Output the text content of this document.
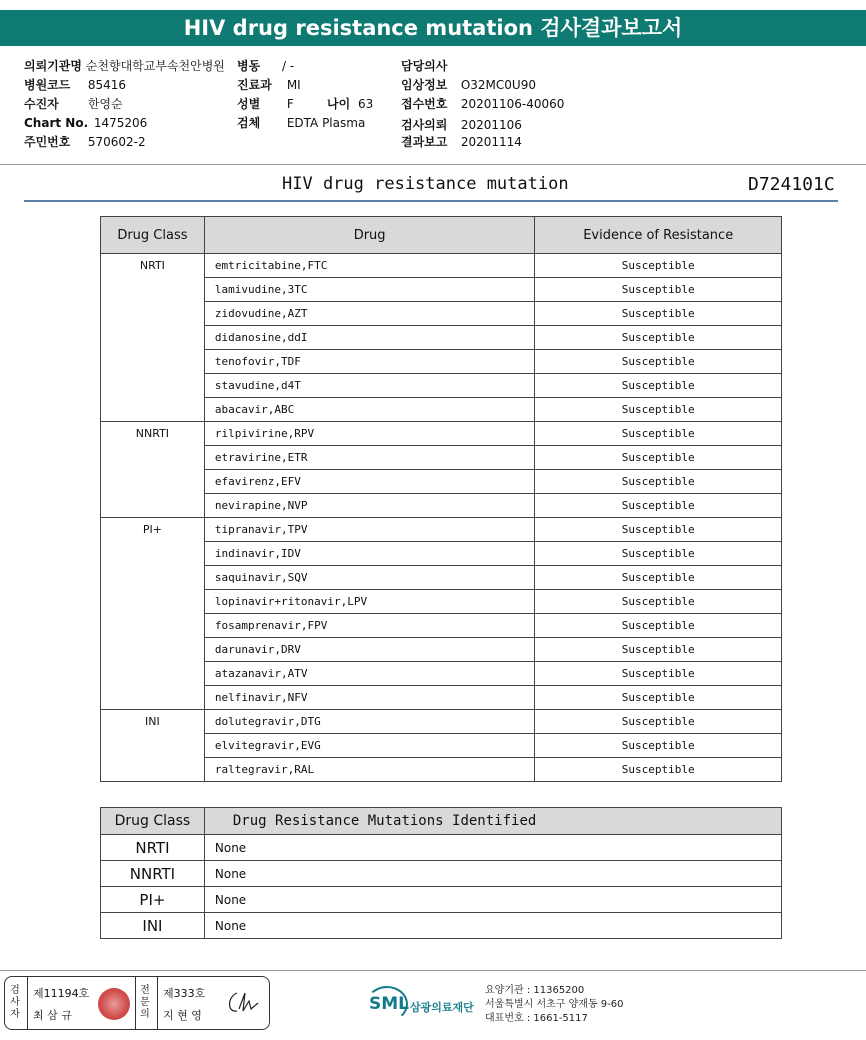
HIV drug resistance mutation 검사결과보고서
의뢰기관명 순천향대학교부속천안병원
병원코드 85416
수진자 한영순
Chart No. 1475206
주민번호 570602-2
병동 / -
진료과 MI
성별 F	나이 63
검체 EDTA Plasma
담당의사
임상정보 O32MC0U90
접수번호 20201106-40060
검사의뢰 20201106
결과보고 20201114
HIV drug resistance mutation	D724101C
Drug Class	Drug	Evidence of Resistance
NRTI	emtricitabine,FTC	Susceptible
	lamivudine,3TC	Susceptible
	zidovudine,AZT	Susceptible
	didanosine,ddI	Susceptible
	tenofovir,TDF	Susceptible
	stavudine,d4T	Susceptible
	abacavir,ABC	Susceptible
NNRTI	rilpivirine,RPV	Susceptible
	etravirine,ETR	Susceptible
	efavirenz,EFV	Susceptible
	nevirapine,NVP	Susceptible
PI+	tipranavir,TPV	Susceptible
	indinavir,IDV	Susceptible
	saquinavir,SQV	Susceptible
	lopinavir+ritonavir,LPV	Susceptible
	fosamprenavir,FPV	Susceptible
	darunavir,DRV	Susceptible
	atazanavir,ATV	Susceptible
	nelfinavir,NFV	Susceptible
INI	dolutegravir,DTG	Susceptible
	elvitegravir,EVG	Susceptible
	raltegravir,RAL	Susceptible
Drug Class	Drug Resistance Mutations Identified
NRTI	None
NNRTI	None
PI+	None
INI	None
검사자
제11194호
최 삼 규
전문의
제333호
지 현 영
SML 삼광의료재단
요양기관 : 11365200
서울특별시 서초구 양재동 9-60
대표번호 : 1661-5117
